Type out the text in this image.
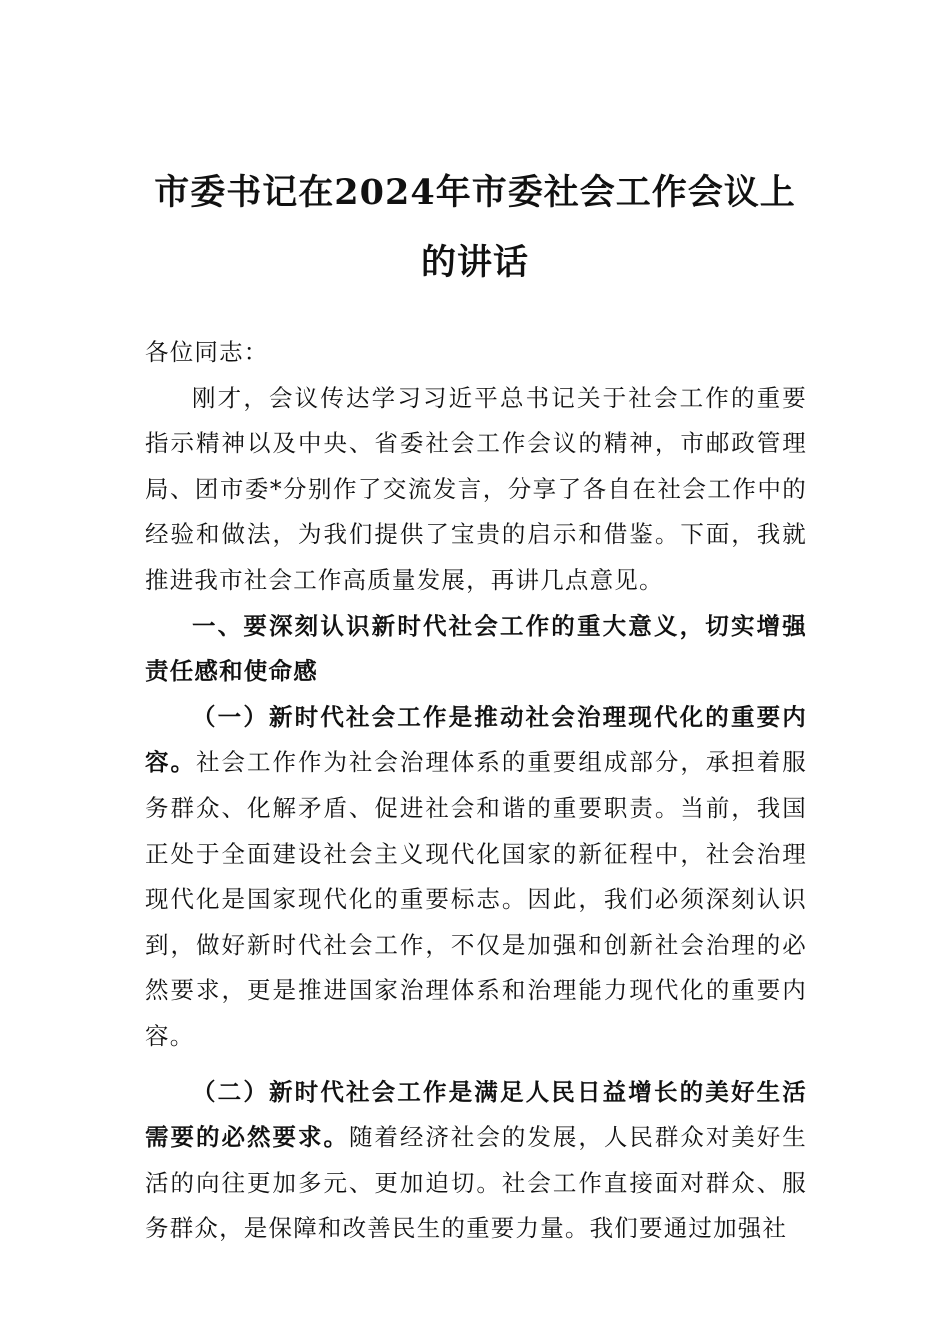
市委书记在2024年市委社会工作会议上的讲话

各位同志：

刚才，会议传达学习习近平总书记关于社会工作的重要指示精神以及中央、省委社会工作会议的精神，市邮政管理局、团市委*分别作了交流发言，分享了各自在社会工作中的经验和做法，为我们提供了宝贵的启示和借鉴。下面，我就推进我市社会工作高质量发展，再讲几点意见。

一、要深刻认识新时代社会工作的重大意义，切实增强责任感和使命感

（一）新时代社会工作是推动社会治理现代化的重要内容。社会工作作为社会治理体系的重要组成部分，承担着服务群众、化解矛盾、促进社会和谐的重要职责。当前，我国正处于全面建设社会主义现代化国家的新征程中，社会治理现代化是国家现代化的重要标志。因此，我们必须深刻认识到，做好新时代社会工作，不仅是加强和创新社会治理的必然要求，更是推进国家治理体系和治理能力现代化的重要内容。

（二）新时代社会工作是满足人民日益增长的美好生活需要的必然要求。随着经济社会的发展，人民群众对美好生活的向往更加多元、更加迫切。社会工作直接面对群众、服务群众，是保障和改善民生的重要力量。我们要通过加强社
